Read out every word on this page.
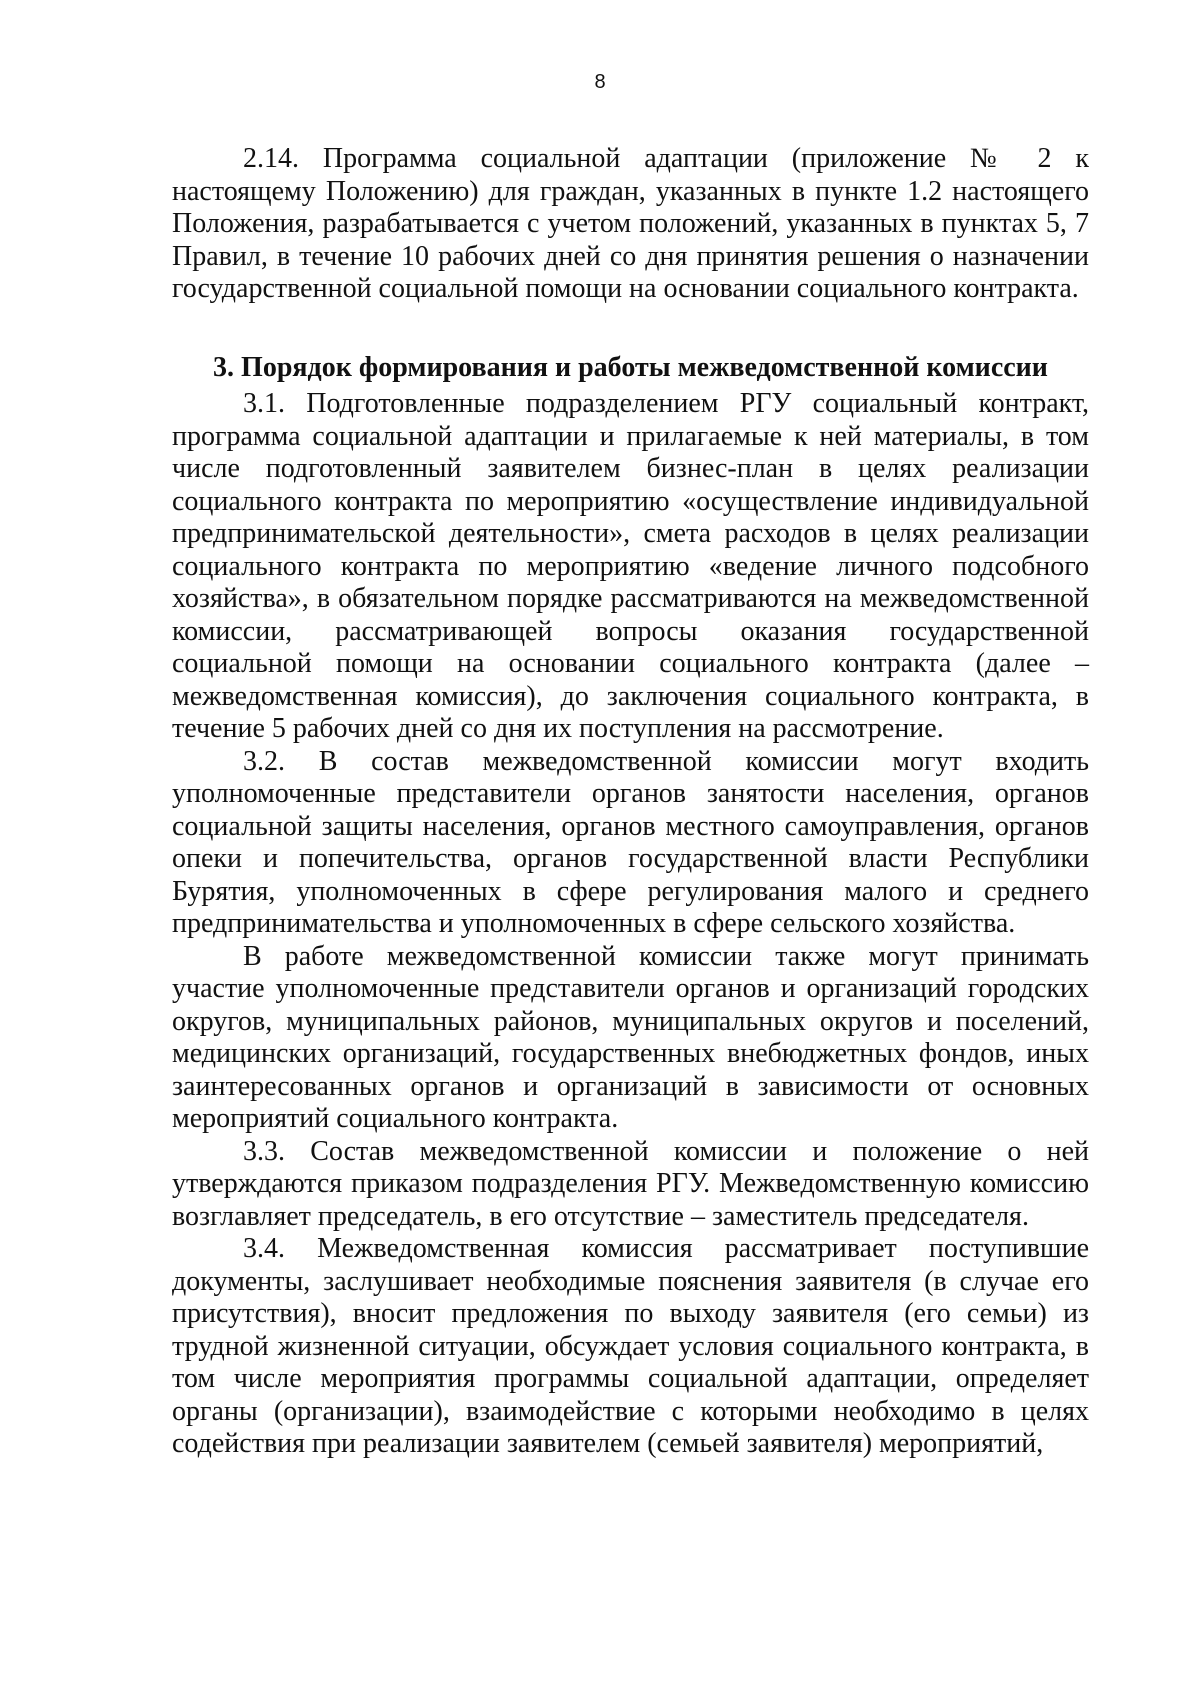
8

2.14. Программа социальной адаптации (приложение № 2 к настоящему Положению) для граждан, указанных в пункте 1.2 настоящего Положения, разрабатывается с учетом положений, указанных в пунктах 5, 7 Правил, в течение 10 рабочих дней со дня принятия решения о назначении государственной социальной помощи на основании социального контракта.

3. Порядок формирования и работы межведомственной комиссии

3.1. Подготовленные подразделением РГУ социальный контракт, программа социальной адаптации и прилагаемые к ней материалы, в том числе подготовленный заявителем бизнес-план в целях реализации социального контракта по мероприятию «осуществление индивидуальной предпринимательской деятельности», смета расходов в целях реализации социального контракта по мероприятию «ведение личного подсобного хозяйства», в обязательном порядке рассматриваются на межведомственной комиссии, рассматривающей вопросы оказания государственной социальной помощи на основании социального контракта (далее – межведомственная комиссия), до заключения социального контракта, в течение 5 рабочих дней со дня их поступления на рассмотрение.

3.2. В состав межведомственной комиссии могут входить уполномоченные представители органов занятости населения, органов социальной защиты населения, органов местного самоуправления, органов опеки и попечительства, органов государственной власти Республики Бурятия, уполномоченных в сфере регулирования малого и среднего предпринимательства и уполномоченных в сфере сельского хозяйства.

В работе межведомственной комиссии также могут принимать участие уполномоченные представители органов и организаций городских округов, муниципальных районов, муниципальных округов и поселений, медицинских организаций, государственных внебюджетных фондов, иных заинтересованных органов и организаций в зависимости от основных мероприятий социального контракта.

3.3. Состав межведомственной комиссии и положение о ней утверждаются приказом подразделения РГУ. Межведомственную комиссию возглавляет председатель, в его отсутствие – заместитель председателя.

3.4. Межведомственная комиссия рассматривает поступившие документы, заслушивает необходимые пояснения заявителя (в случае его присутствия), вносит предложения по выходу заявителя (его семьи) из трудной жизненной ситуации, обсуждает условия социального контракта, в том числе мероприятия программы социальной адаптации, определяет органы (организации), взаимодействие с которыми необходимо в целях содействия при реализации заявителем (семьей заявителя) мероприятий,
